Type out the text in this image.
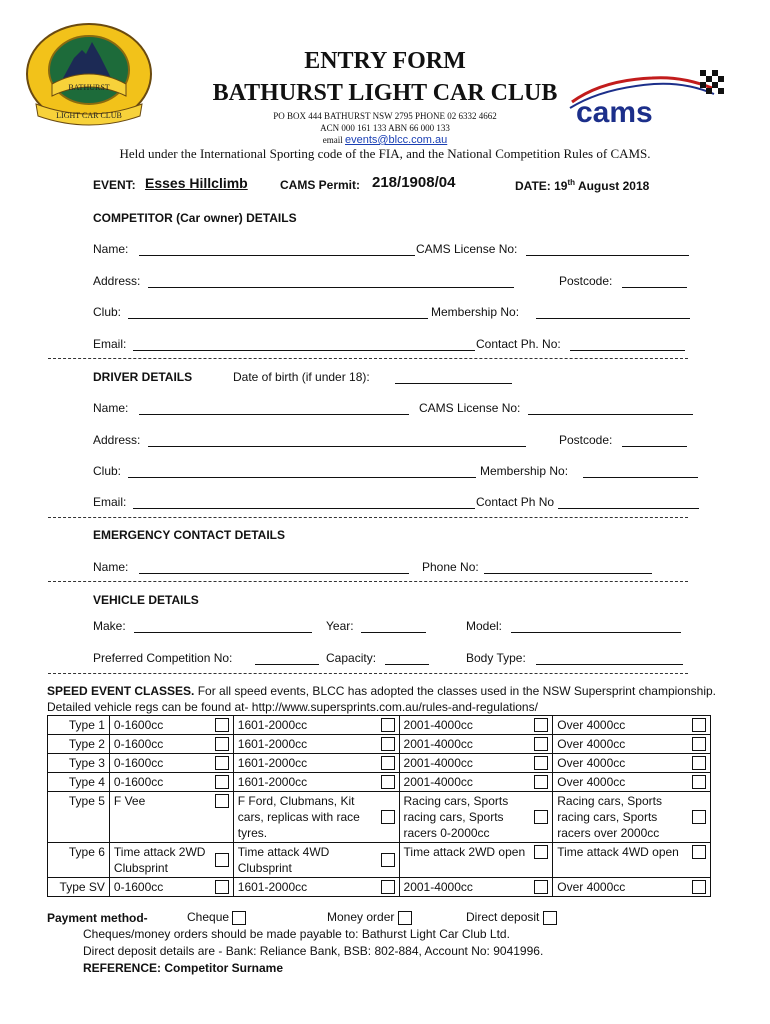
BATHURST
LIGHT CAR CLUB	cams
ENTRY FORM
BATHURST LIGHT CAR CLUB
PO BOX 444 BATHURST NSW 2795 PHONE 02 6332 4662
ACN 000 161 133 ABN 66 000 133
email events@blcc.com.au
Held under the International Sporting code of the FIA, and the National Competition Rules of CAMS.
EVENT: Esses Hillclimb	CAMS Permit: 218/1908/04	DATE: 19th August 2018
COMPETITOR (Car owner) DETAILS
Name:	CAMS License No:
Address:	Postcode:
Club:	Membership No:
Email:	Contact Ph. No:
DRIVER DETAILS	Date of birth (if under 18):
Name:	CAMS License No:
Address:	Postcode:
Club:	Membership No:
Email:	Contact Ph No
EMERGENCY CONTACT DETAILS
Name:	Phone No:
VEHICLE DETAILS
Make:	Year:	Model:
Preferred Competition No:	Capacity:	Body Type:
SPEED EVENT CLASSES. For all speed events, BLCC has adopted the classes used in the NSW Supersprint championship.
Detailed vehicle regs can be found at- http://www.supersprints.com.au/rules-and-regulations/
Type 1	0-1600cc	1601-2000cc	2001-4000cc	Over 4000cc

Type 2	0-1600cc	1601-2000cc	2001-4000cc	Over 4000cc

Type 3	0-1600cc	1601-2000cc	2001-4000cc	Over 4000cc

Type 4	0-1600cc	1601-2000cc	2001-4000cc	Over 4000cc

Type 5	F Vee	F Ford, Clubmans, Kit cars, replicas with race tyres.	Racing cars, Sports racing cars, Sports racers 0-2000cc	Racing cars, Sports racing cars, Sports racers over 2000cc

Type 6	Time attack 2WD Clubsprint	Time attack 4WD Clubsprint	Time attack 2WD open	Time attack 4WD open

Type SV	0-1600cc	1601-2000cc	2001-4000cc	Over 4000cc
Payment method-	Cheque	Money order	Direct deposit
Cheques/money orders should be made payable to: Bathurst Light Car Club Ltd.
Direct deposit details are - Bank: Reliance Bank, BSB: 802-884, Account No: 9041996.
REFERENCE: Competitor Surname
